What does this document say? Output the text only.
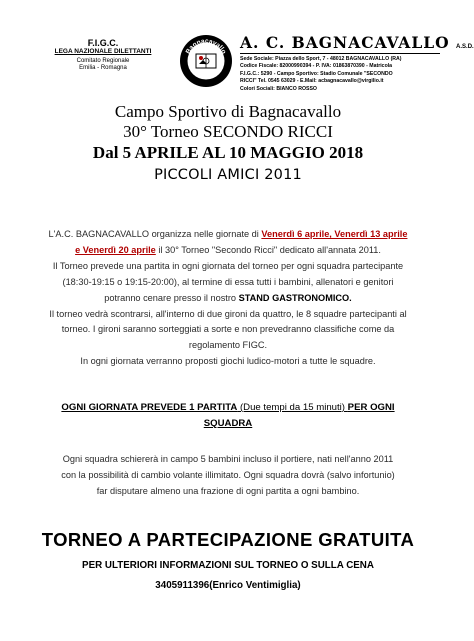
F.I.G.C.
LEGA NAZIONALE DILETTANTI
Comitato Regionale
Emilia - Romagna
Bagnacavallo
Calcio
A. C. BAGNACAVALLO A.S.D.
Sede Sociale: Piazza dello Sport, 7 - 48012 BAGNACAVALLO (RA)
Codice Fiscale: 82000990394 - P. IVA: 01863870390 - Matricola
F.I.G.C.: 5290 - Campo Sportivo: Stadio Comunale "SECONDO
RICCI" Tel. 0545 63029 - E.Mail: acbagnacavallo@virgilio.it
Colori Sociali: BIANCO ROSSO
Campo Sportivo di Bagnacavallo
30° Torneo SECONDO RICCI
Dal 5 APRILE AL 10 MAGGIO 2018
PICCOLI AMICI 2011
L'A.C. BAGNACAVALLO organizza nelle giornate di Venerdì 6 aprile, Venerdì 13 aprile
e Venerdì 20 aprile il 30° Torneo "Secondo Ricci" dedicato all'annata 2011.
Il Torneo prevede una partita in ogni giornata del torneo per ogni squadra partecipante
(18:30-19:15 o 19:15-20:00), al termine di essa tutti i bambini, allenatori e genitori
potranno cenare presso il nostro STAND GASTRONOMICO.
Il torneo vedrà scontrarsi, all'interno di due gironi da quattro, le 8 squadre partecipanti al
torneo. I gironi saranno sorteggiati a sorte e non prevedranno classifiche come da
regolamento FIGC.
In ogni giornata verranno proposti giochi ludico-motori a tutte le squadre.
OGNI GIORNATA PREVEDE 1 PARTITA (Due tempi da 15 minuti) PER OGNI
SQUADRA
Ogni squadra schiererà in campo 5 bambini incluso il portiere, nati nell'anno 2011
con la possibilità di cambio volante illimitato. Ogni squadra dovrà (salvo infortunio)
far disputare almeno una frazione di ogni partita a ogni bambino.
TORNEO A PARTECIPAZIONE GRATUITA
PER ULTERIORI INFORMAZIONI SUL TORNEO O SULLA CENA
3405911396(Enrico Ventimiglia)
